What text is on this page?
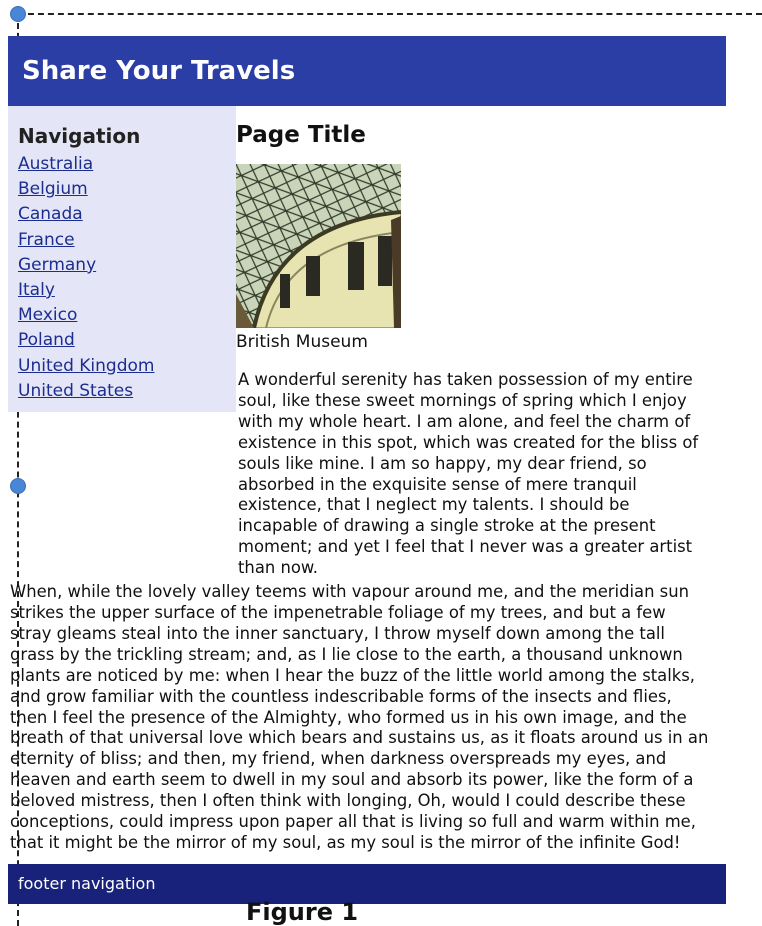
Share Your Travels
Navigation
Australia
Belgium
Canada
France
Germany
Italy
Mexico
Poland
United Kingdom
United States
Page Title
British Museum

A wonderful serenity has taken possession of my entire soul, like these sweet mornings of spring which I enjoy with my whole heart. I am alone, and feel the charm of existence in this spot, which was created for the bliss of souls like mine. I am so happy, my dear friend, so absorbed in the exquisite sense of mere tranquil existence, that I neglect my talents. I should be incapable of drawing a single stroke at the present moment; and yet I feel that I never was a greater artist than now.

When, while the lovely valley teems with vapour around me, and the meridian sun strikes the upper surface of the impenetrable foliage of my trees, and but a few stray gleams steal into the inner sanctuary, I throw myself down among the tall grass by the trickling stream; and, as I lie close to the earth, a thousand unknown plants are noticed by me: when I hear the buzz of the little world among the stalks, and grow familiar with the countless indescribable forms of the insects and flies, then I feel the presence of the Almighty, who formed us in his own image, and the breath of that universal love which bears and sustains us, as it floats around us in an eternity of bliss; and then, my friend, when darkness overspreads my eyes, and heaven and earth seem to dwell in my soul and absorb its power, like the form of a beloved mistress, then I often think with longing, Oh, would I could describe these conceptions, could impress upon paper all that is living so full and warm within me, that it might be the mirror of my soul, as my soul is the mirror of the infinite God!

footer navigation
Figure 1
